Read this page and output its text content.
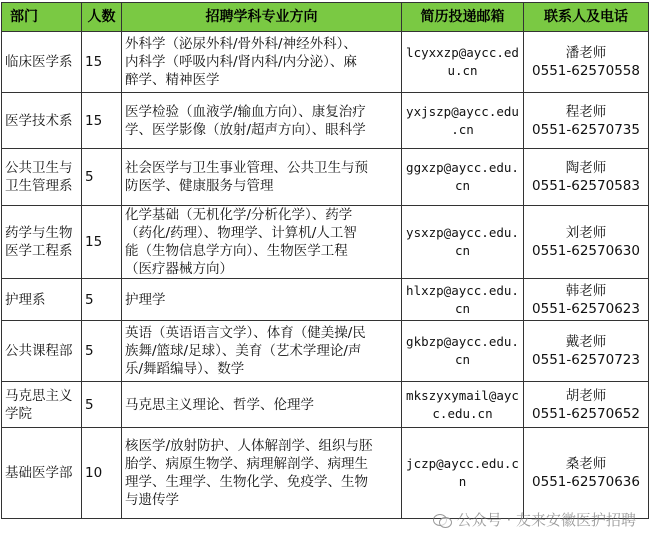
部门	人数	招聘学科专业方向	简历投递邮箱	联系人及电话

临床医学系	15	外科学（泌尿外科/骨外科/神经外科）、
内科学（呼吸内科/肾内科/内分泌）、麻
醉学、精神医学	lcyxxzp@aycc.ed
u.cn	潘老师
0551-62570558

医学技术系	15	医学检验（血液学/输血方向）、康复治疗
学、医学影像（放射/超声方向）、眼科学	yxjszp@aycc.edu
.cn	程老师
0551-62570735

公共卫生与
卫生管理系	5	社会医学与卫生事业管理、公共卫生与预
防医学、健康服务与管理	ggxzp@aycc.edu.
cn	陶老师
0551-62570583

药学与生物
医学工程系	15	化学基础（无机化学/分析化学）、药学
（药化/药理）、物理学、计算机/人工智
能（生物信息学方向）、生物医学工程
（医疗器械方向）	ysxzp@aycc.edu.
cn	刘老师
0551-62570630

护理系	5	护理学	hlxzp@aycc.edu.
cn	韩老师
0551-62570623

公共课程部	5	英语（英语语言文学）、体育（健美操/民
族舞/篮球/足球）、美育（艺术学理论/声
乐/舞蹈编导）、数学	gkbzp@aycc.edu.
cn	戴老师
0551-62570723

马克思主义
学院	5	马克思主义理论、哲学、伦理学	mkszyxymail@ayc
c.edu.cn	胡老师
0551-62570652

基础医学部	10	核医学/放射防护、人体解剖学、组织与胚
胎学、病原生物学、病理解剖学、病理生
理学、生理学、生物化学、免疫学、生物
与遗传学	jczp@aycc.edu.c
n	桑老师
0551-62570636
公众号 · 友来安徽医护招聘
